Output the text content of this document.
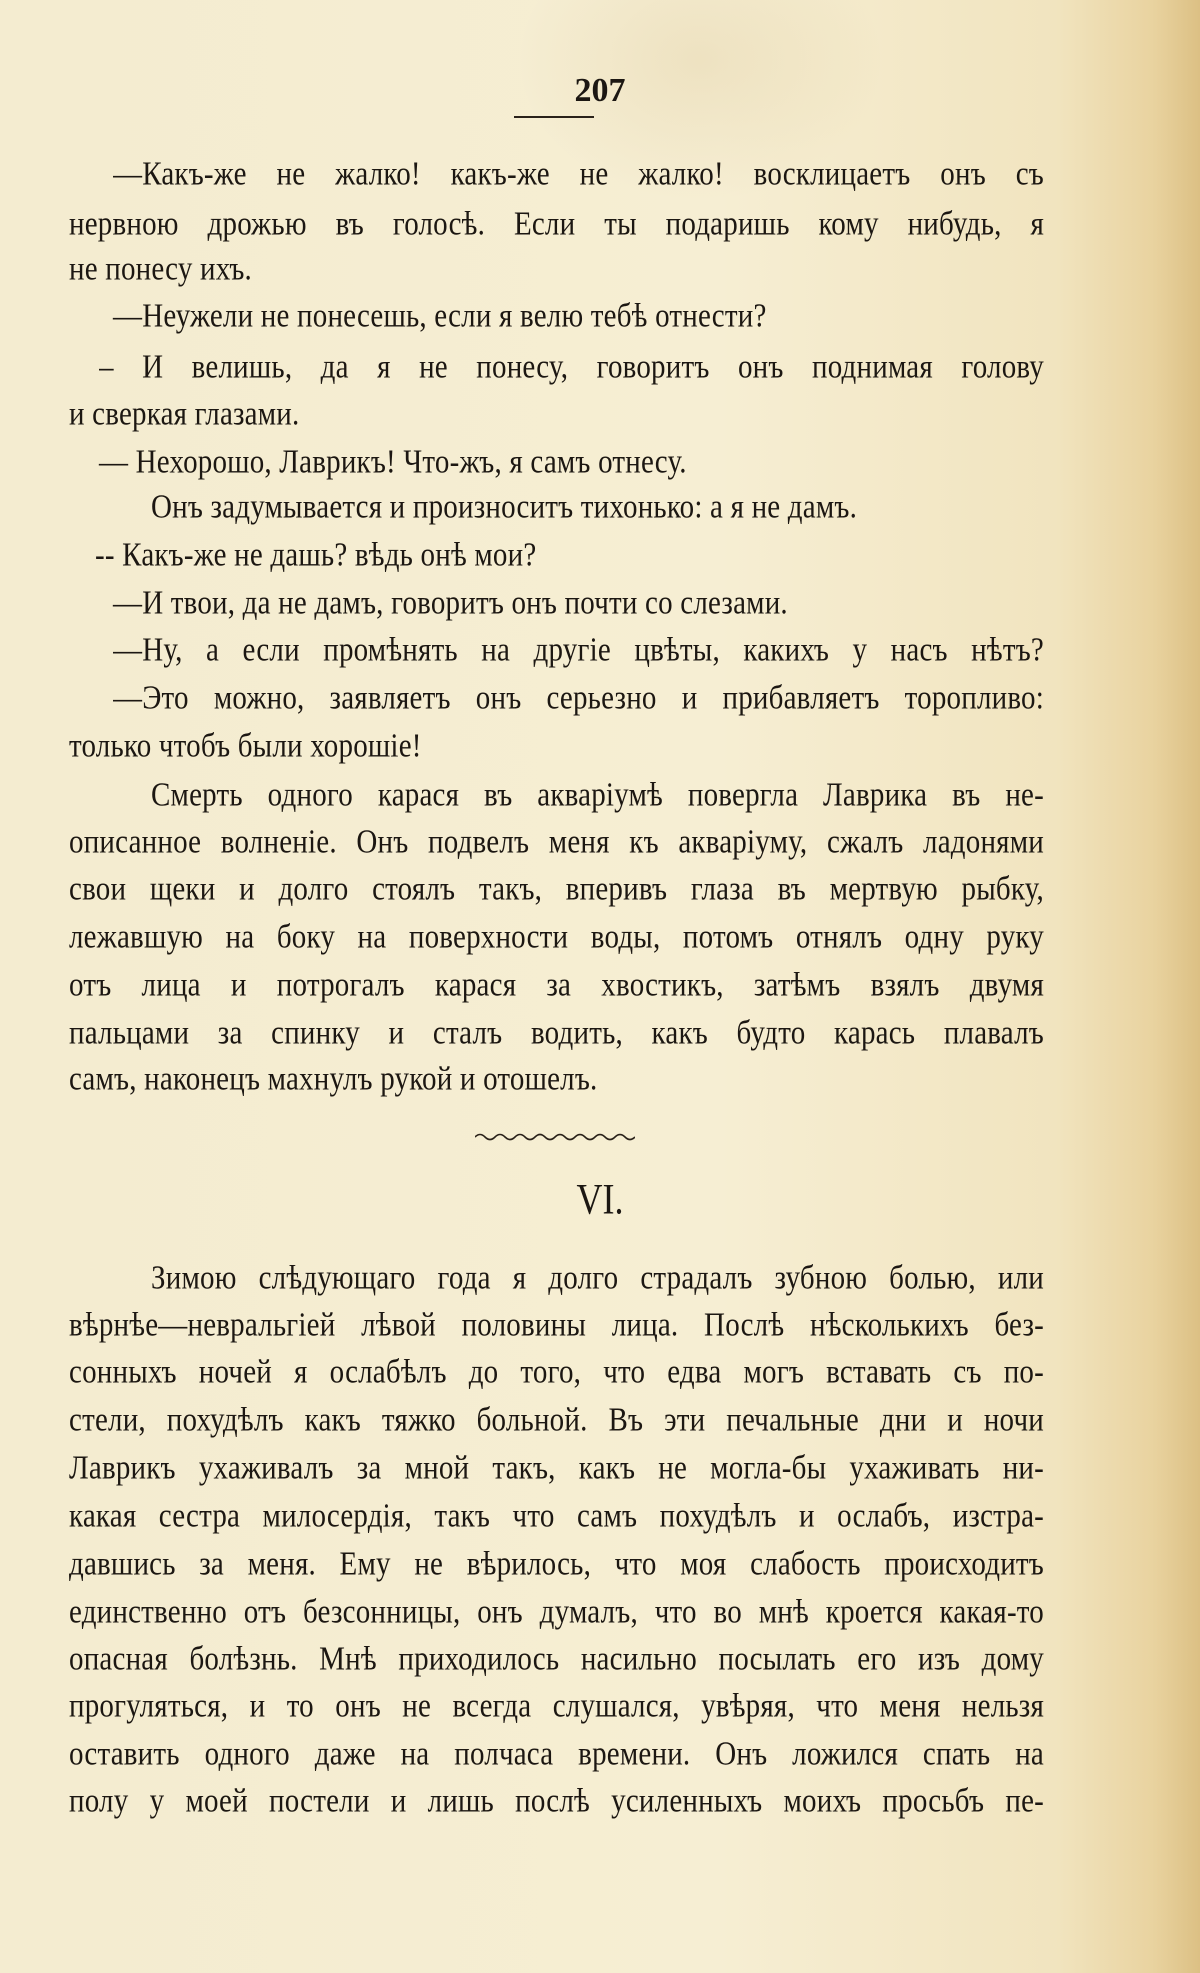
207
—Какъ-же не жалко! какъ-же не жалко! восклицаетъ онъ съ
нервною дрожью въ голосѣ. Если ты подаришь кому нибудь, я
не понесу ихъ.
—Неужели не понесешь, если я велю тебѣ отнести?
– И велишь, да я не понесу, говоритъ онъ поднимая голову
и сверкая глазами.
— Нехорошо, Лаврикъ! Что-жъ, я самъ отнесу.
Онъ задумывается и произноситъ тихонько: а я не дамъ.
-- Какъ-же не дашь? вѣдь онѣ мои?
—И твои, да не дамъ, говоритъ онъ почти со слезами.
—Ну, а если промѣнять на другіе цвѣты, какихъ у насъ нѣтъ?
—Это можно, заявляетъ онъ серьезно и прибавляетъ торопливо:
только чтобъ были хорошіе!
Смерть одного карася въ акваріумѣ повергла Лаврика въ не-
описанное волненіе. Онъ подвелъ меня къ акваріуму, сжалъ ладонями
свои щеки и долго стоялъ такъ, вперивъ глаза въ мертвую рыбку,
лежавшую на боку на поверхности воды, потомъ отнялъ одну руку
отъ лица и потрогалъ карася за хвостикъ, затѣмъ взялъ двумя
пальцами за спинку и сталъ водить, какъ будто карась плавалъ
самъ, наконецъ махнулъ рукой и отошелъ.
VI.
Зимою слѣдующаго года я долго страдалъ зубною болью, или
вѣрнѣе—невральгіей лѣвой половины лица. Послѣ нѣсколькихъ без-
сонныхъ ночей я ослабѣлъ до того, что едва могъ вставать съ по-
стели, похудѣлъ какъ тяжко больной. Въ эти печальные дни и ночи
Лаврикъ ухаживалъ за мной такъ, какъ не могла-бы ухаживать ни-
какая сестра милосердія, такъ что самъ похудѣлъ и ослабъ, изстра-
давшись за меня. Ему не вѣрилось, что моя слабость происходитъ
единственно отъ безсонницы, онъ думалъ, что во мнѣ кроется какая-то
опасная болѣзнь. Мнѣ приходилось насильно посылать его изъ дому
прогуляться, и то онъ не всегда слушался, увѣряя, что меня нельзя
оставить одного даже на полчаса времени. Онъ ложился спать на
полу у моей постели и лишь послѣ усиленныхъ моихъ просьбъ пе-
